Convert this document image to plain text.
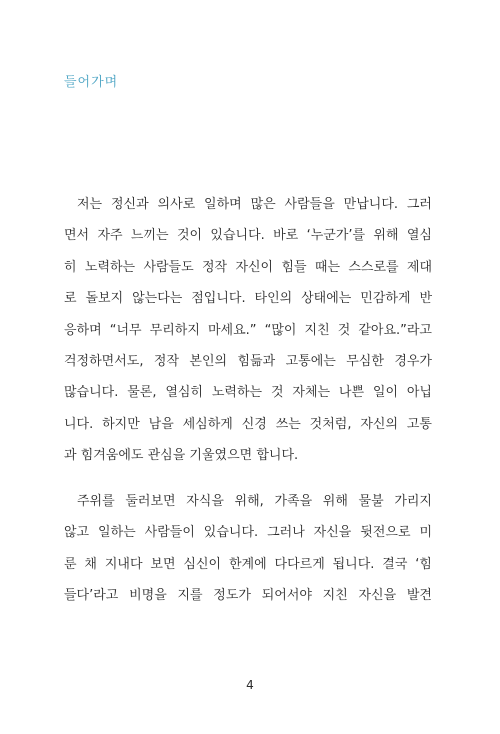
들어가며
저는 정신과 의사로 일하며 많은 사람들을 만납니다. 그러
면서 자주 느끼는 것이 있습니다. 바로 ‘누군가’를 위해 열심
히 노력하는 사람들도 정작 자신이 힘들 때는 스스로를 제대
로 돌보지 않는다는 점입니다. 타인의 상태에는 민감하게 반
응하며 “너무 무리하지 마세요.” “많이 지친 것 같아요.”라고
걱정하면서도, 정작 본인의 힘듦과 고통에는 무심한 경우가
많습니다. 물론, 열심히 노력하는 것 자체는 나쁜 일이 아닙
니다. 하지만 남을 세심하게 신경 쓰는 것처럼, 자신의 고통
과 힘겨움에도 관심을 기울였으면 합니다.
주위를 둘러보면 자식을 위해, 가족을 위해 물불 가리지
않고 일하는 사람들이 있습니다. 그러나 자신을 뒷전으로 미
룬 채 지내다 보면 심신이 한계에 다다르게 됩니다. 결국 ‘힘
들다’라고 비명을 지를 정도가 되어서야 지친 자신을 발견
4
